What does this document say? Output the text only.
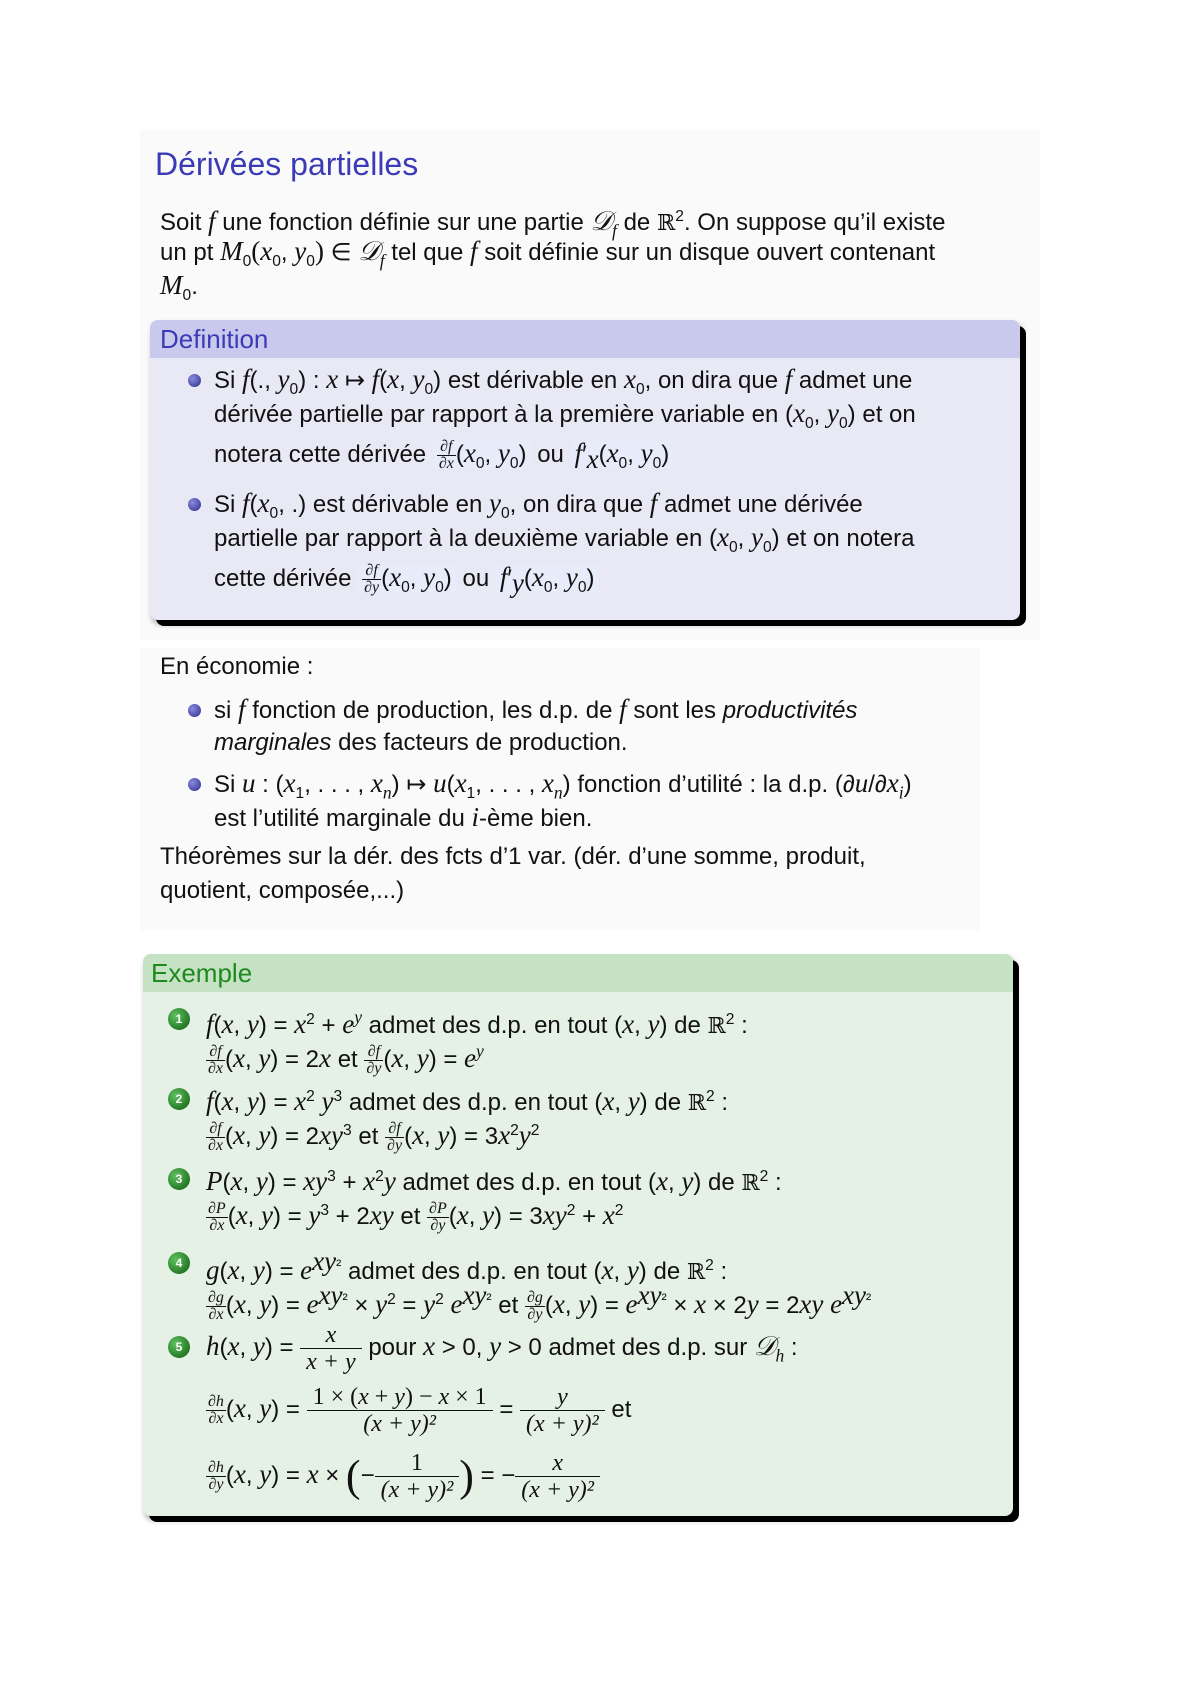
Dérivées partielles
Soit f une fonction définie sur une partie 𝒟$_f$ de ℝ$^2$. On suppose qu’il existe
un pt $M_0(x_0$, $y_0$) ∈ 𝒟$_f$ tel que f soit définie sur un disque ouvert contenant
$M_0$.
Definition
Si f(., $y_0$) : x ↦ f(x, $y_0$) est dérivable en $x_0$, on dira que f admet une
dérivée partielle par rapport à la première variable en ($x_0$, $y_0$) et on
notera cette dérivée $\frac{\partial f}{\partial x} (x_0$, $y_0$) ou $f'_x(x_0$, $y_0$)
Si $f(x_0$, .) est dérivable en $y_0$, on dira que f admet une dérivée
partielle par rapport à la deuxième variable en ($x_0$, $y_0$) et on notera
cette dérivée $\frac{\partial f}{\partial y} (x_0$, $y_0$) ou $f'_y(x_0$, $y_0$)
En économie :
si f fonction de production, les d.p. de f sont les productivités
marginales des facteurs de production.
Si u : ($x_1$, . . . , $x_n$) ↦ $u(x_1$, . . . , $x_n$) fonction d’utilité : la d.p. $(\partial u/\partial x_i)$
est l’utilité marginale du i-ème bien.
Théorèmes sur la dér. des fcts d’1 var. (dér. d’une somme, produit,
quotient, composée,...)
Exemple
1 f(x, $y) = x^2 + e^y$ admet des d.p. en tout (x, y) de ℝ$^2$ :
$\frac{\partial f}{\partial x} (x$, y) = 2x et $\frac{\partial f}{\partial y} (x$, $y) = e^y$
2 f(x, $y) = x^2$ $y^3$ admet des d.p. en tout (x, y) de ℝ$^2$ :
$\frac{\partial f}{\partial x} (x$, $y) = 2xy^3$ et $\frac{\partial f}{\partial y} (x$, $y) = 3x^2y^2$
3 P(x, $y) = xy^3 + x^2y$ admet des d.p. en tout (x, y) de ℝ$^2$ :
$\frac{\partial P}{\partial x} (x$, $y) = y^3 + 2xy$ et $\frac{\partial P}{\partial y} (x$, $y) = 3xy^2 + x^2$
4 g(x, $y) = e^{xy^2}$ admet des d.p. en tout (x, y) de ℝ$^2$ :
$\frac{\partial g}{\partial x} (x$, $y) = e^{xy^2} \times y^2 = y^2$ $e^{xy^2}$ et $\frac{\partial g}{\partial y} (x$, $y) = e^{xy^2} \times x \times 2y = 2xy$ $e^{xy^2}$
5 h(x, $y) = \frac{x}{x + y}$ pour x > 0, y > 0 admet des d.p. sur 𝒟$_h$ :
$\frac{\partial h}{\partial x} (x$, $y) = \frac{1 \times (x + y) - x \times 1}{\text{(x + y)²}} = \frac{y}{\text{(x + y)²}}$ et
$\frac{\partial h}{\partial y} (x$, y) = x × (− $\frac{1}{\text{(x + y)²}}$ ) = − $\frac{x}{\text{(x + y)²}}$
